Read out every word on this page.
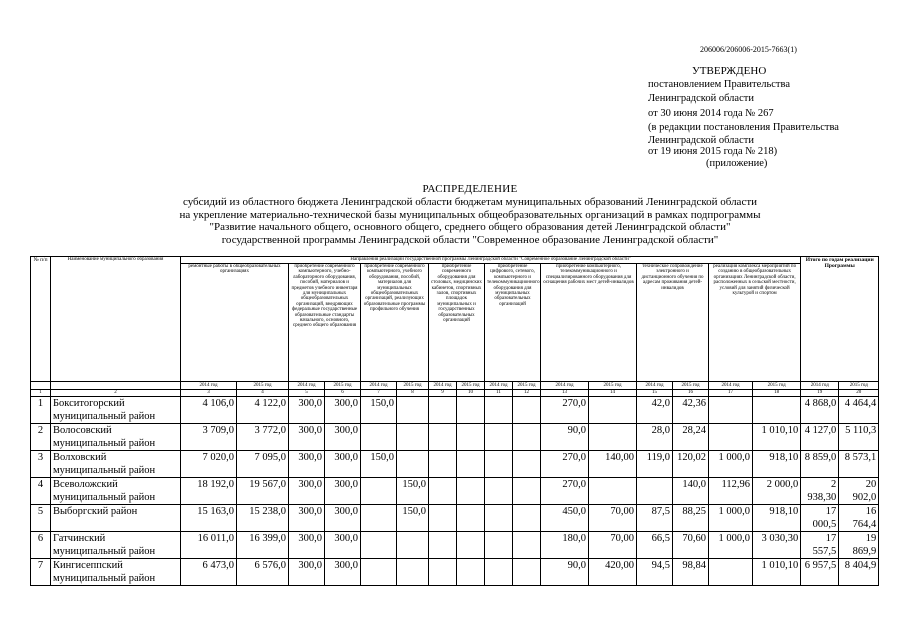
206006/206006-2015-7663(1)
УТВЕРЖДЕНО
постановлением Правительства
Ленинградской области
от 30 июня 2014 года № 267
(в редакции постановления Правительства
Ленинградской области
от 19 июня 2015 года № 218)
(приложение)
РАСПРЕДЕЛЕНИЕ
субсидий из областного бюджета Ленинградской области бюджетам муниципальных образований Ленинградской области
на укрепление материально-технической базы муниципальных общеобразовательных организаций в рамках подпрограммы
"Развитие начального общего, основного общего, среднего общего образования детей Ленинградской области"
государственной программы Ленинградской области "Современное образование Ленинградской области"
№ п/п	Наименование муниципального образования	Направления реализации государственной программы Ленинградской области "Современное образование Ленинградской области"																Итого по годам реализации Программы	
		ремонтные работы в общеобразовательных организациях		приобретение современного компьютерного, учебно-лабораторного оборудования, пособий, материалов и предметов учебного инвентаря для муниципальных общеобразовательных организаций, внедряющих федеральные государственные образовательные стандарты начального, основного, среднего общего образования		приобретение современного компьютерного, учебного оборудования, пособий, материалов для муниципальных общеобразовательных организаций, реализующих образовательные программы профильного обучения		приобретение современного оборудования для столовых, медицинских кабинетов, спортивных залов, спортивных площадок муниципальных и государственных образовательных организаций		приобретение цифрового, сетевого, компьютерного и телекоммуникационного оборудования для муниципальных образовательных организаций		приобретение компьютерного, телекоммуникационного и специализированного оборудования для оснащения рабочих мест детей-инвалидов		техническое сопровождение электронного и дистанционного обучения по адресам проживания детей-инвалидов		реализация комплекса мероприятий по созданию в общеобразовательных организациях Ленинградской области, расположенных в сельской местности, условий для занятий физической культурой и спортом			
		2014 год	2015 год	2014 год	2015 год	2014 год	2015 год	2014 год	2015 год	2014 год	2015 год	2014 год	2015 год	2014 год	2015 год	2014 год	2015 год	2014 год	2015 год
1	2	3	4	5	6	7	8	9	10	11	12	13	14	15	16	17	18	19	20
1	Бокситогорский муниципальный район	4 106,0	4 122,0	300,0	300,0	150,0						270,0		42,0	42,36			4 868,0	4 464,4
2	Волосовский муниципальный район	3 709,0	3 772,0	300,0	300,0							90,0		28,0	28,24		1 010,10	4 127,0	5 110,3
3	Волховский муниципальный район	7 020,0	7 095,0	300,0	300,0	150,0						270,0	140,00	119,0	120,02	1 000,0	918,10	8 859,0	8 573,1
4	Всеволожский муниципальный район	18 192,0	19 567,0	300,0	300,0		150,0					270,0			140,0	112,96	2 000,0	2 938,30	20 902,0
5	Выборгский район	15 163,0	15 238,0	300,0	300,0		150,0					450,0	70,00	87,5	88,25	1 000,0	918,10	17 000,5	16 764,4
6	Гатчинский муниципальный район	16 011,0	16 399,0	300,0	300,0							180,0	70,00	66,5	70,60	1 000,0	3 030,30	17 557,5	19 869,9
7	Кингисеппский муниципальный район	6 473,0	6 576,0	300,0	300,0							90,0	420,00	94,5	98,84		1 010,10	6 957,5	8 404,9
